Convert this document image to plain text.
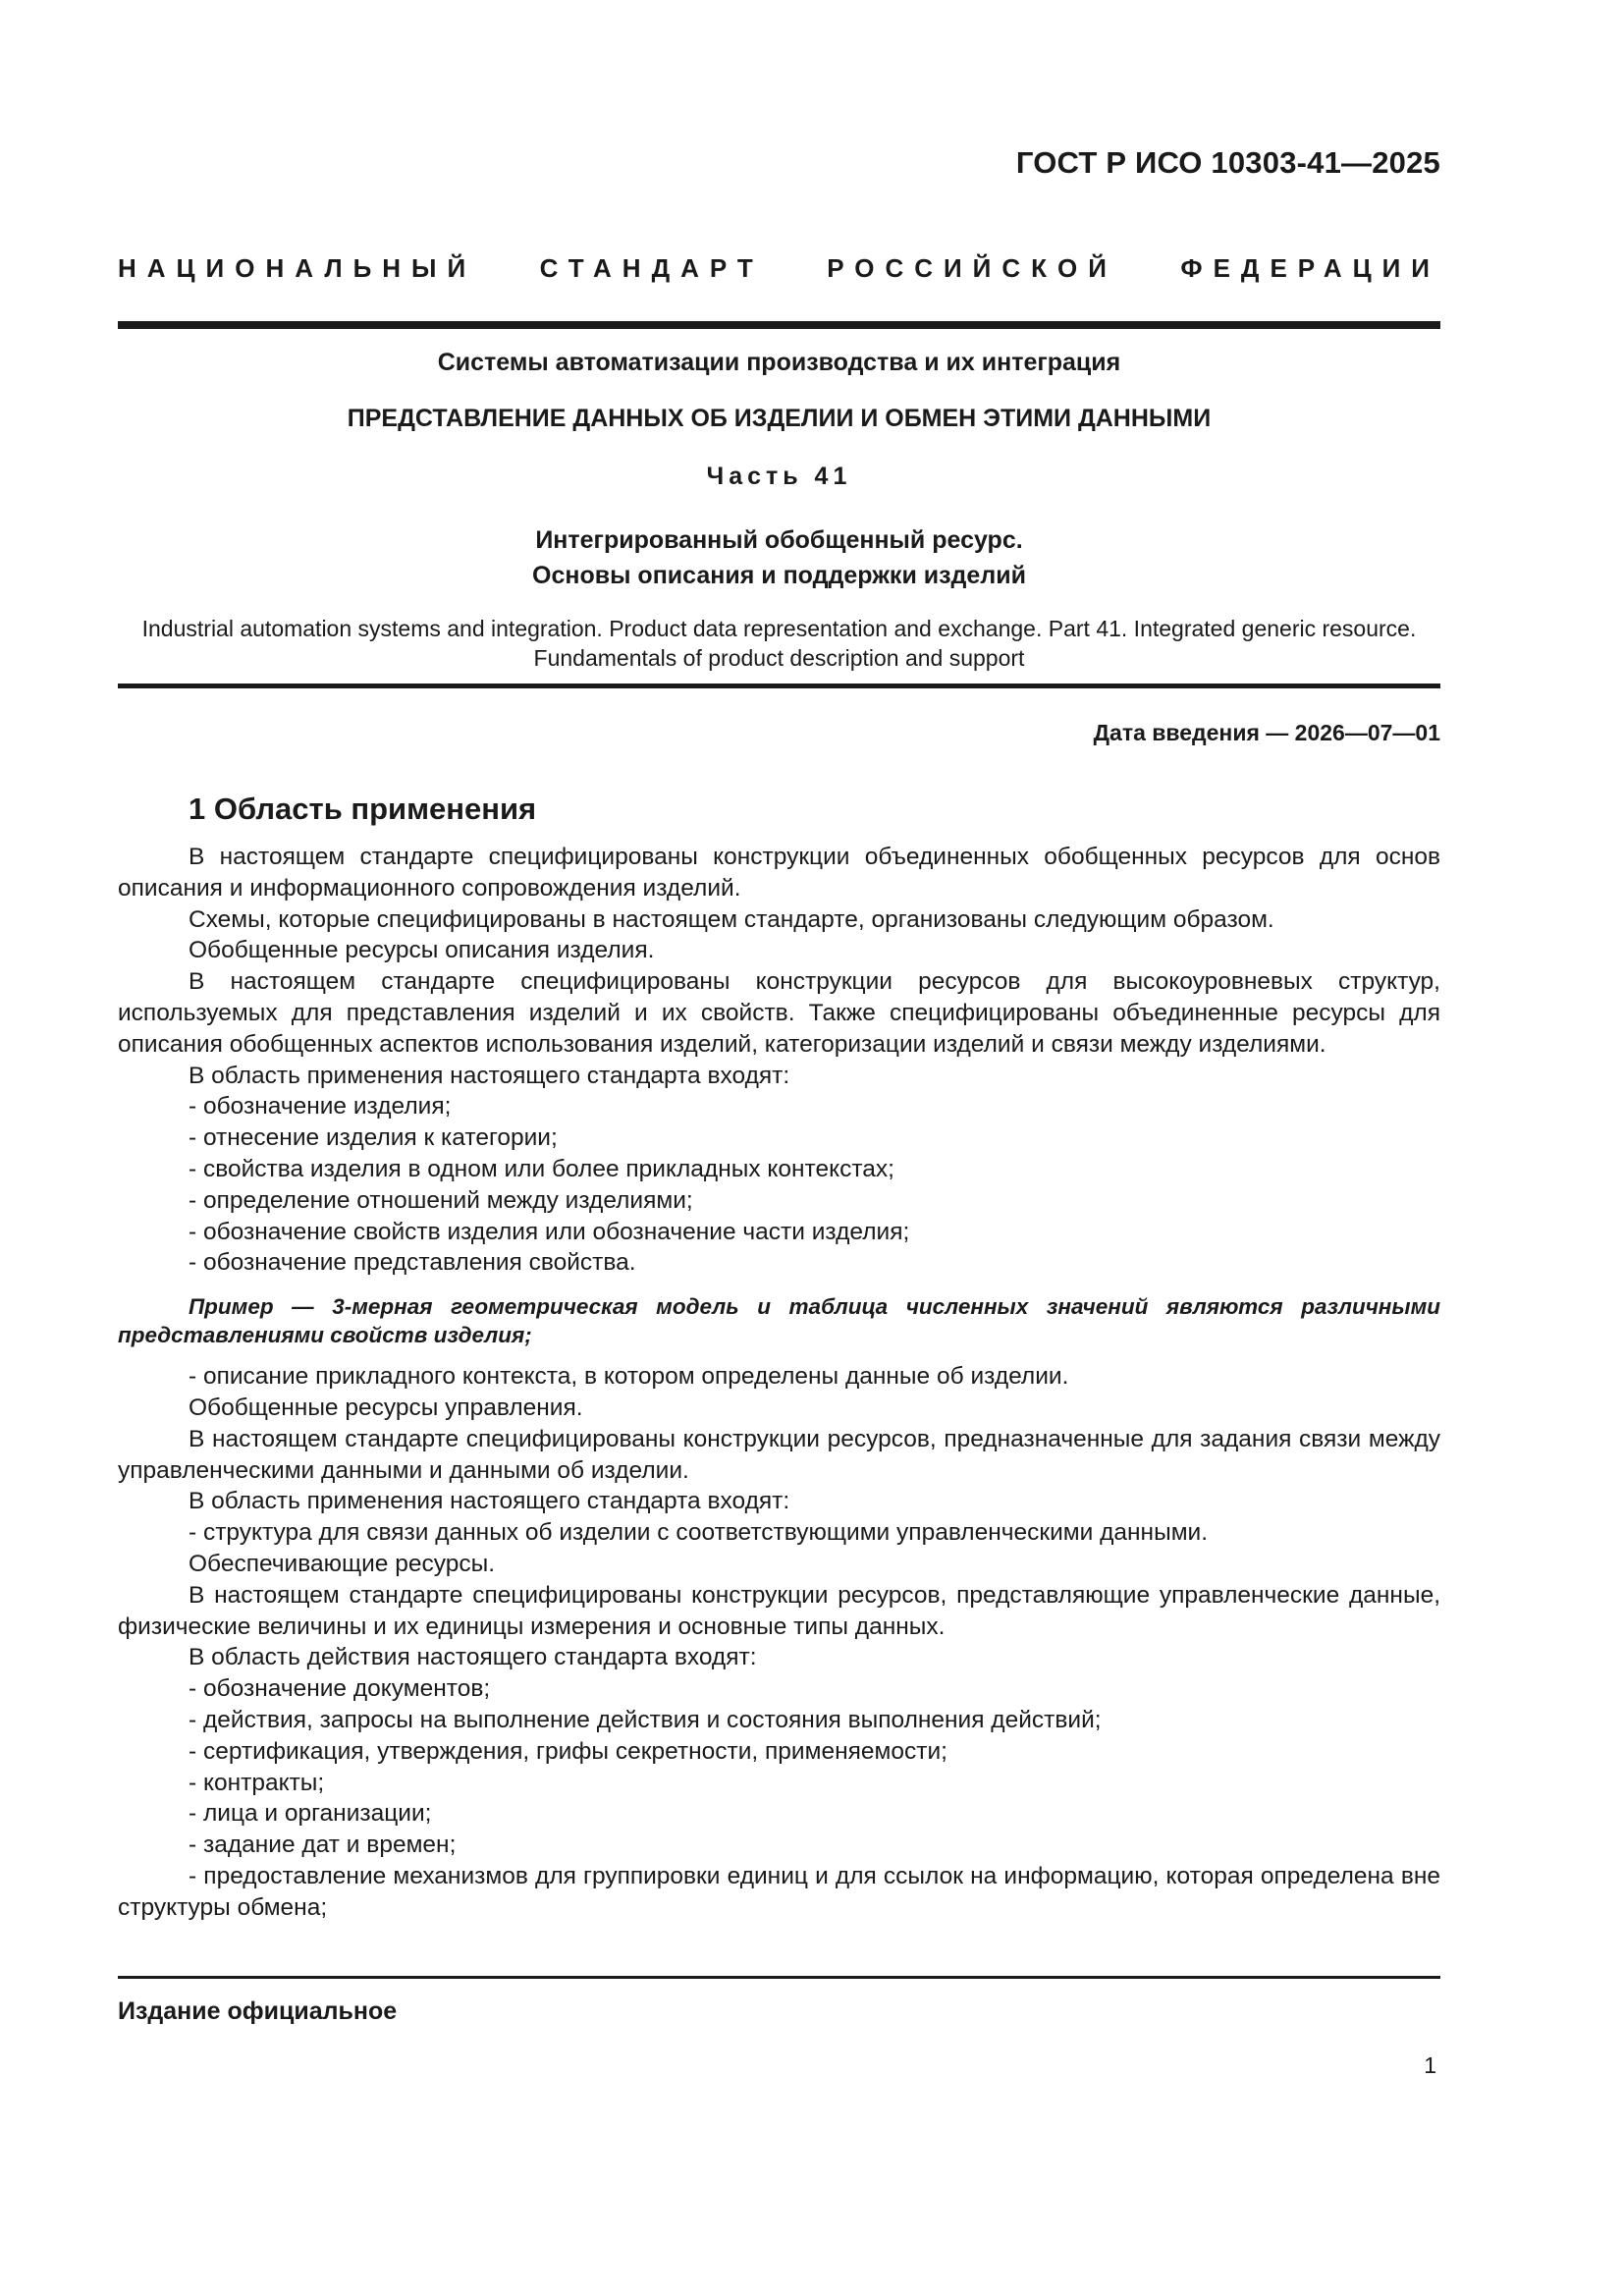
ГОСТ Р ИСО 10303-41—2025
НАЦИОНАЛЬНЫЙ СТАНДАРТ РОССИЙСКОЙ ФЕДЕРАЦИИ
Системы автоматизации производства и их интеграция
ПРЕДСТАВЛЕНИЕ ДАННЫХ ОБ ИЗДЕЛИИ И ОБМЕН ЭТИМИ ДАННЫМИ
Часть 41
Интегрированный обобщенный ресурс.
Основы описания и поддержки изделий
Industrial automation systems and integration. Product data representation and exchange. Part 41. Integrated generic resource. Fundamentals of product description and support
Дата введения — 2026—07—01
1 Область применения

В настоящем стандарте специфицированы конструкции объединенных обобщенных ресурсов для основ описания и информационного сопровождения изделий.

Схемы, которые специфицированы в настоящем стандарте, организованы следующим образом.

Обобщенные ресурсы описания изделия.

В настоящем стандарте специфицированы конструкции ресурсов для высокоуровневых структур, используемых для представления изделий и их свойств. Также специфицированы объединенные ресурсы для описания обобщенных аспектов использования изделий, категоризации изделий и связи между изделиями.

В область применения настоящего стандарта входят:

- обозначение изделия;

- отнесение изделия к категории;

- свойства изделия в одном или более прикладных контекстах;

- определение отношений между изделиями;

- обозначение свойств изделия или обозначение части изделия;

- обозначение представления свойства.

Пример — 3-мерная геометрическая модель и таблица численных значений являются различными представлениями свойств изделия;

- описание прикладного контекста, в котором определены данные об изделии.

Обобщенные ресурсы управления.

В настоящем стандарте специфицированы конструкции ресурсов, предназначенные для задания связи между управленческими данными и данными об изделии.

В область применения настоящего стандарта входят:

- структура для связи данных об изделии с соответствующими управленческими данными.

Обеспечивающие ресурсы.

В настоящем стандарте специфицированы конструкции ресурсов, представляющие управленческие данные, физические величины и их единицы измерения и основные типы данных.

В область действия настоящего стандарта входят:

- обозначение документов;

- действия, запросы на выполнение действия и состояния выполнения действий;

- сертификация, утверждения, грифы секретности, применяемости;

- контракты;

- лица и организации;

- задание дат и времен;

- предоставление механизмов для группировки единиц и для ссылок на информацию, которая определена вне структуры обмена;

Издание официальное
1
